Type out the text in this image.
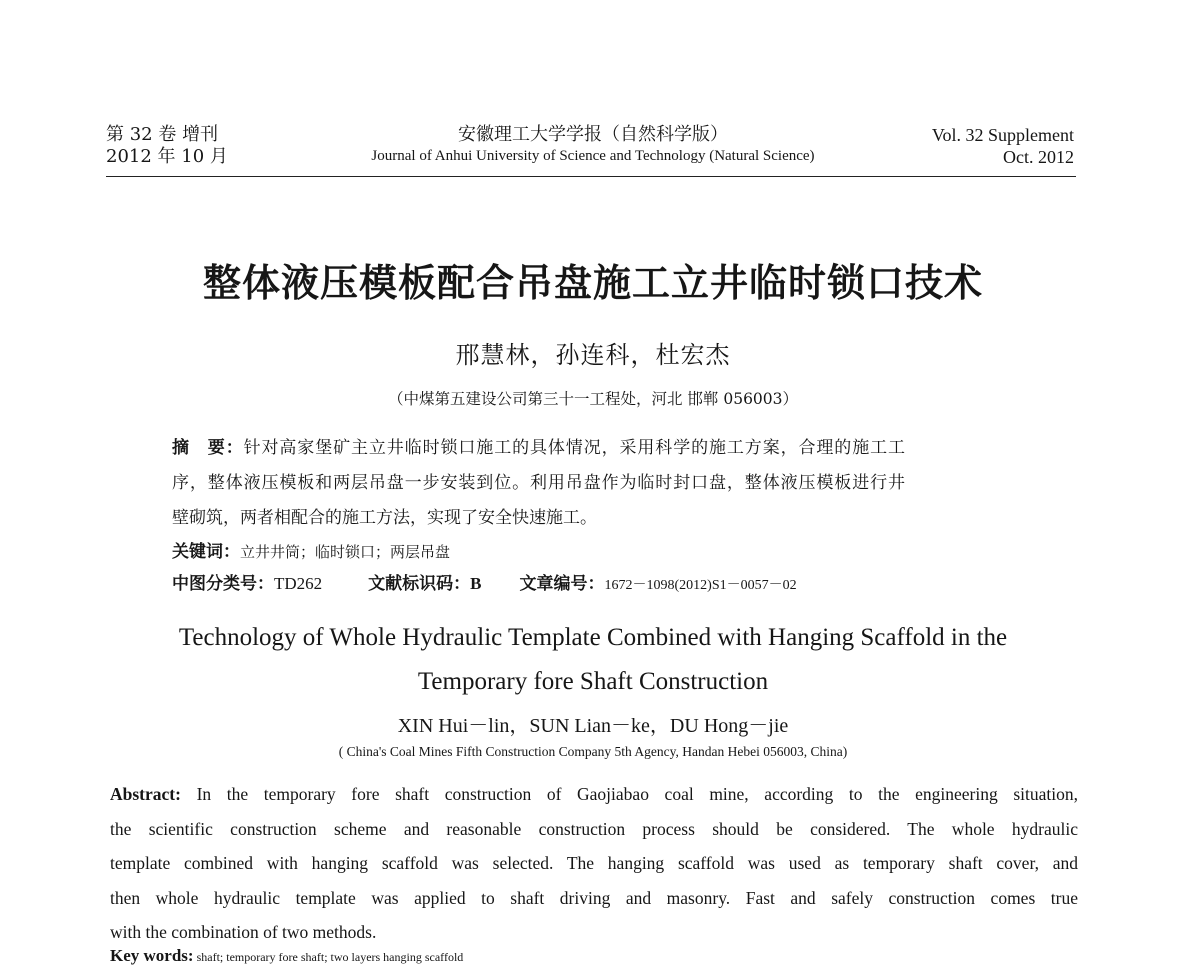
第 32 卷 增刊
2012 年 10 月
安徽理工大学学报（自然科学版）
Journal of Anhui University of Science and Technology (Natural Science)
Vol. 32 Supplement
Oct. 2012
整体液压模板配合吊盘施工立井临时锁口技术
邢慧林，孙连科，杜宏杰
（中煤第五建设公司第三十一工程处，河北 邯郸 056003）
摘　要：针对高家堡矿主立井临时锁口施工的具体情况，采用科学的施工方案，合理的施工工
序，整体液压模板和两层吊盘一步安装到位。利用吊盘作为临时封口盘，整体液压模板进行井
壁砌筑，两者相配合的施工方法，实现了安全快速施工。
关键词：立井井筒；临时锁口；两层吊盘
中图分类号：TD262	文献标识码：B 文章编号：1672－1098(2012)S1－0057－02
Technology of Whole Hydraulic Template Combined with Hanging Scaffold in the
Temporary fore Shaft Construction
XIN Hui－lin，SUN Lian－ke，DU Hong－jie
( China's Coal Mines Fifth Construction Company 5th Agency, Handan Hebei 056003, China)
Abstract: In the temporary fore shaft construction of Gaojiabao coal mine, according to the engineering situation,
the scientific construction scheme and reasonable construction process should be considered. The whole hydraulic
template combined with hanging scaffold was selected. The hanging scaffold was used as temporary shaft cover, and
then whole hydraulic template was applied to shaft driving and masonry. Fast and safely construction comes true
with the combination of two methods.
Key words: shaft; temporary fore shaft; two layers hanging scaffold
